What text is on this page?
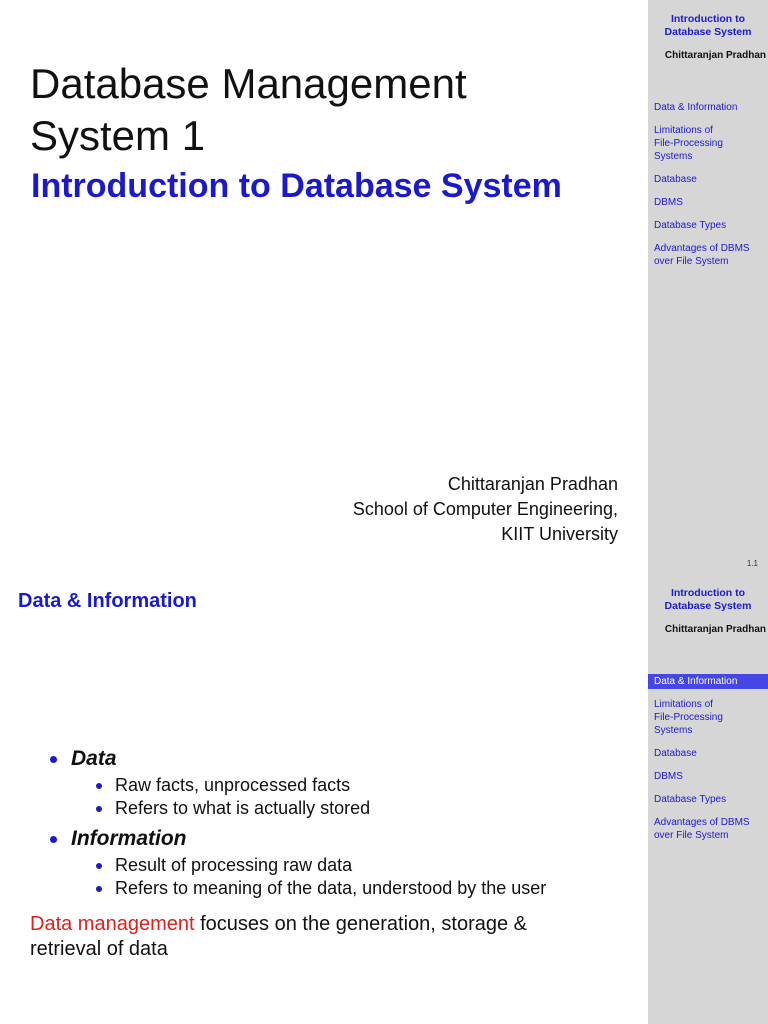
Database Management
System 1
Introduction to Database System
Chittaranjan Pradhan
School of Computer Engineering,
KIIT University
Introduction to
Database System
Chittaranjan Pradhan
Data & Information
Limitations of
File-Processing
Systems
Database
DBMS
Database Types
Advantages of DBMS
over File System
1.1
Data & Information
Data
Raw facts, unprocessed facts
Refers to what is actually stored
Information
Result of processing raw data
Refers to meaning of the data, understood by the user
Data management focuses on the generation, storage &
retrieval of data
Introduction to
Database System
Chittaranjan Pradhan
Data & Information
Limitations of
File-Processing
Systems
Database
DBMS
Database Types
Advantages of DBMS
over File System
